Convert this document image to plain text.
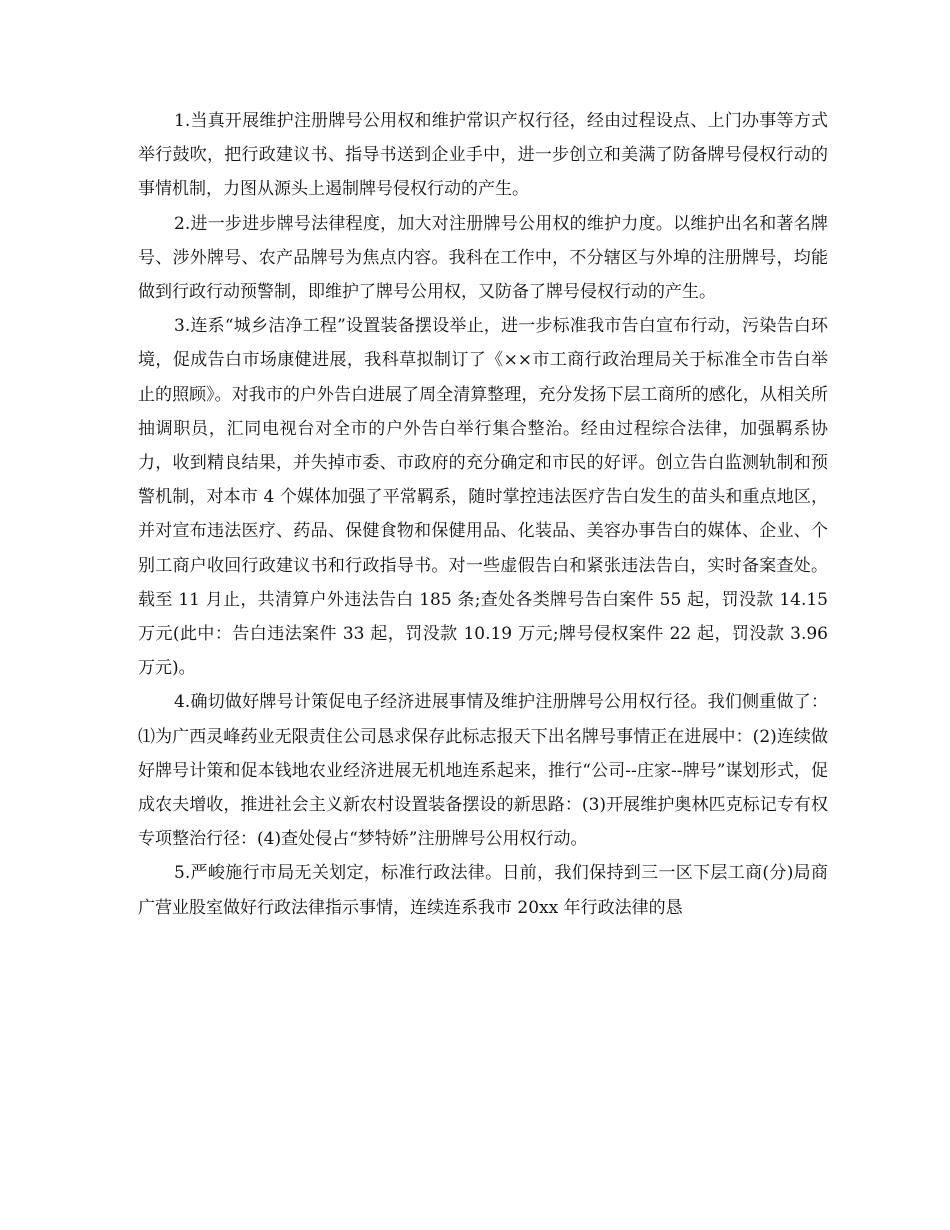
1.当真开展维护注册牌号公用权和维护常识产权行径，经由过程设点、上门办事等方式举行鼓吹，把行政建议书、指导书送到企业手中，进一步创立和美满了防备牌号侵权行动的事情机制，力图从源头上遏制牌号侵权行动的产生。

2.进一步进步牌号法律程度，加大对注册牌号公用权的维护力度。以维护出名和著名牌号、涉外牌号、农产品牌号为焦点内容。我科在工作中，不分辖区与外埠的注册牌号，均能做到行政行动预警制，即维护了牌号公用权，又防备了牌号侵权行动的产生。

3.连系“城乡洁净工程”设置装备摆设举止，进一步标准我市告白宣布行动，污染告白环境，促成告白市场康健进展，我科草拟制订了《××市工商行政治理局关于标准全市告白举止的照顾》。对我市的户外告白进展了周全清算整理，充分发扬下层工商所的感化，从相关所抽调职员，汇同电视台对全市的户外告白举行集合整治。经由过程综合法律，加强羁系协力，收到精良结果，并失掉市委、市政府的充分确定和市民的好评。创立告白监测轨制和预警机制，对本市 4 个媒体加强了平常羁系，随时掌控违法医疗告白发生的苗头和重点地区，并对宣布违法医疗、药品、保健食物和保健用品、化装品、美容办事告白的媒体、企业、个别工商户收回行政建议书和行政指导书。对一些虚假告白和紧张违法告白，实时备案查处。载至 11 月止，共清算户外违法告白 185 条;查处各类牌号告白案件 55 起，罚没款 14.15 万元(此中：告白违法案件 33 起，罚没款 10.19 万元;牌号侵权案件 22 起，罚没款 3.96 万元)。

4.确切做好牌号计策促电子经济进展事情及维护注册牌号公用权行径。我们侧重做了：⑴为广西灵峰药业无限责住公司恳求保存此标志报天下出名牌号事情正在进展中：(2)连续做好牌号计策和促本钱地农业经济进展无机地连系起来，推行“公司--庄家--牌号”谋划形式，促成农夫增收，推进社会主义新农村设置装备摆设的新思路：(3)开展维护奥林匹克标记专有权专项整治行径：(4)查处侵占“梦特娇”注册牌号公用权行动。

5.严峻施行市局无关划定，标准行政法律。日前，我们保持到三一区下层工商(分)局商广营业股室做好行政法律指示事情，连续连系我市 20xx 年行政法律的恳
